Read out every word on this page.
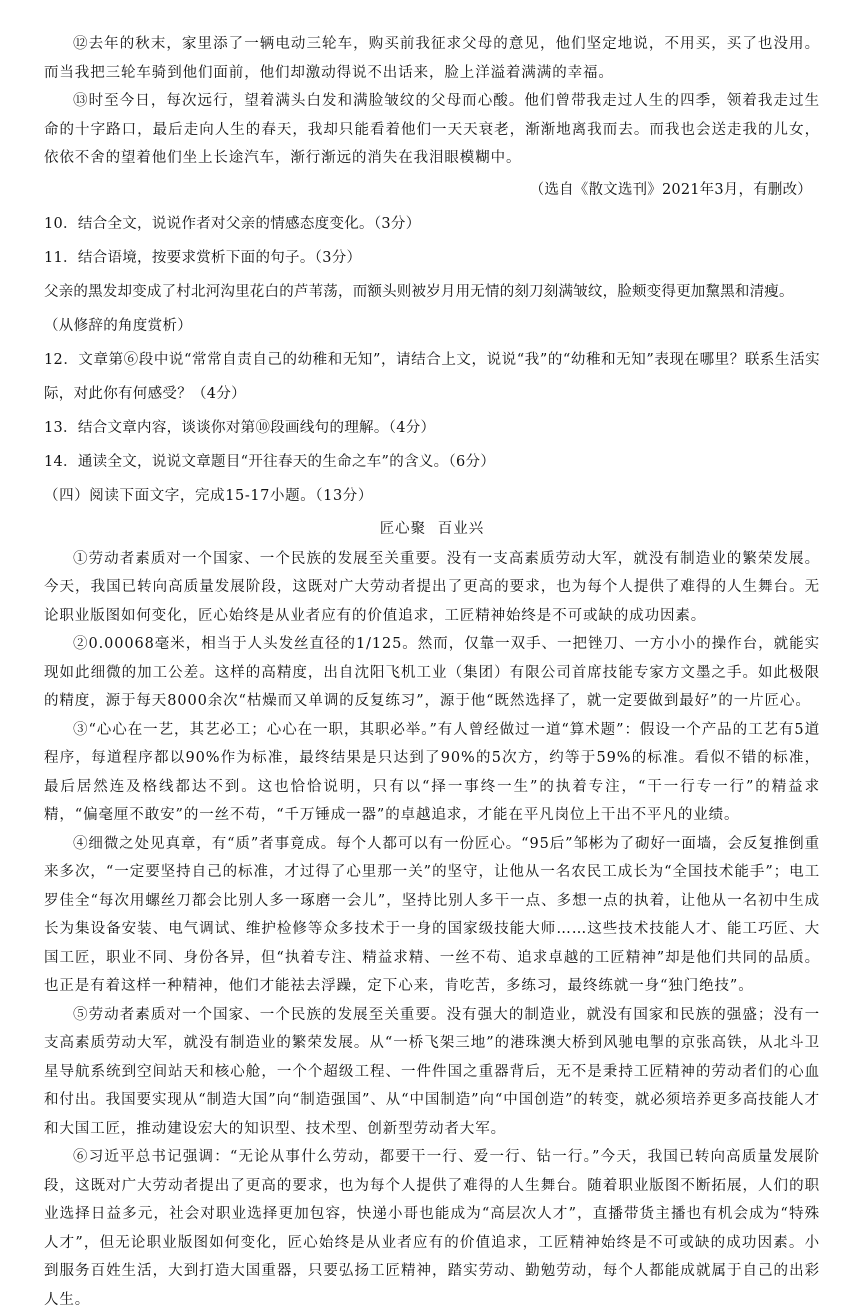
⑫去年的秋末，家里添了一辆电动三轮车，购买前我征求父母的意见，他们坚定地说，不用买，买了也没用。而当我把三轮车骑到他们面前，他们却激动得说不出话来，脸上洋溢着满满的幸福。

⑬时至今日，每次远行，望着满头白发和满脸皱纹的父母而心酸。他们曾带我走过人生的四季，领着我走过生命的十字路口，最后走向人生的春天，我却只能看着他们一天天衰老，渐渐地离我而去。而我也会送走我的儿女，依依不舍的望着他们坐上长途汽车，渐行渐远的消失在我泪眼模糊中。

（选自《散文选刊》2021年3月，有删改）

10．结合全文，说说作者对父亲的情感态度变化。（3分）

11．结合语境，按要求赏析下面的句子。（3分）

父亲的黑发却变成了村北河沟里花白的芦苇荡，而额头则被岁月用无情的刻刀刻满皱纹，脸颊变得更加黧黑和清瘦。

（从修辞的角度赏析）

12．文章第⑥段中说“常常自责自己的幼稚和无知”，请结合上文，说说“我”的“幼稚和无知”表现在哪里？联系生活实际，对此你有何感受？（4分）

13．结合文章内容，谈谈你对第⑩段画线句的理解。（4分）

14．通读全文，说说文章题目“开往春天的生命之车”的含义。（6分）

（四）阅读下面文字，完成15-17小题。（13分）

匠心聚 百业兴

①劳动者素质对一个国家、一个民族的发展至关重要。没有一支高素质劳动大军，就没有制造业的繁荣发展。今天，我国已转向高质量发展阶段，这既对广大劳动者提出了更高的要求，也为每个人提供了难得的人生舞台。无论职业版图如何变化，匠心始终是从业者应有的价值追求，工匠精神始终是不可或缺的成功因素。

②0.00068毫米，相当于人头发丝直径的1/125。然而，仅靠一双手、一把锉刀、一方小小的操作台，就能实现如此细微的加工公差。这样的高精度，出自沈阳飞机工业（集团）有限公司首席技能专家方文墨之手。如此极限的精度，源于每天8000余次“枯燥而又单调的反复练习”，源于他“既然选择了，就一定要做到最好”的一片匠心。

③“心心在一艺，其艺必工；心心在一职，其职必举。”有人曾经做过一道“算术题”：假设一个产品的工艺有5道程序，每道程序都以90%作为标准，最终结果是只达到了90%的5次方，约等于59%的标准。看似不错的标准，最后居然连及格线都达不到。这也恰恰说明，只有以“择一事终一生”的执着专注，“干一行专一行”的精益求精，“偏毫厘不敢安”的一丝不苟，“千万锤成一器”的卓越追求，才能在平凡岗位上干出不平凡的业绩。

④细微之处见真章，有“质”者事竟成。每个人都可以有一份匠心。“95后”邹彬为了砌好一面墙，会反复推倒重来多次，“一定要坚持自己的标准，才过得了心里那一关”的坚守，让他从一名农民工成长为“全国技术能手”；电工罗佳全“每次用螺丝刀都会比别人多一琢磨一会儿”，坚持比别人多干一点、多想一点的执着，让他从一名初中生成长为集设备安装、电气调试、维护检修等众多技术于一身的国家级技能大师……这些技术技能人才、能工巧匠、大国工匠，职业不同、身份各异，但“执着专注、精益求精、一丝不苟、追求卓越的工匠精神”却是他们共同的品质。也正是有着这样一种精神，他们才能祛去浮躁，定下心来，肯吃苦，多练习，最终练就一身“独门绝技”。

⑤劳动者素质对一个国家、一个民族的发展至关重要。没有强大的制造业，就没有国家和民族的强盛；没有一支高素质劳动大军，就没有制造业的繁荣发展。从“一桥飞架三地”的港珠澳大桥到风驰电掣的京张高铁，从北斗卫星导航系统到空间站天和核心舱，一个个超级工程、一件件国之重器背后，无不是秉持工匠精神的劳动者们的心血和付出。我国要实现从“制造大国”向“制造强国”、从“中国制造”向“中国创造”的转变，就必须培养更多高技能人才和大国工匠，推动建设宏大的知识型、技术型、创新型劳动者大军。

⑥习近平总书记强调：“无论从事什么劳动，都要干一行、爱一行、钻一行。”今天，我国已转向高质量发展阶段，这既对广大劳动者提出了更高的要求，也为每个人提供了难得的人生舞台。随着职业版图不断拓展，人们的职业选择日益多元，社会对职业选择更加包容，快递小哥也能成为“高层次人才”，直播带货主播也有机会成为“特殊人才”，但无论职业版图如何变化，匠心始终是从业者应有的价值追求，工匠精神始终是不可或缺的成功因素。小到服务百姓生活，大到打造大国重器，只要弘扬工匠精神，踏实劳动、勤勉劳动，每个人都能成就属于自己的出彩人生。
